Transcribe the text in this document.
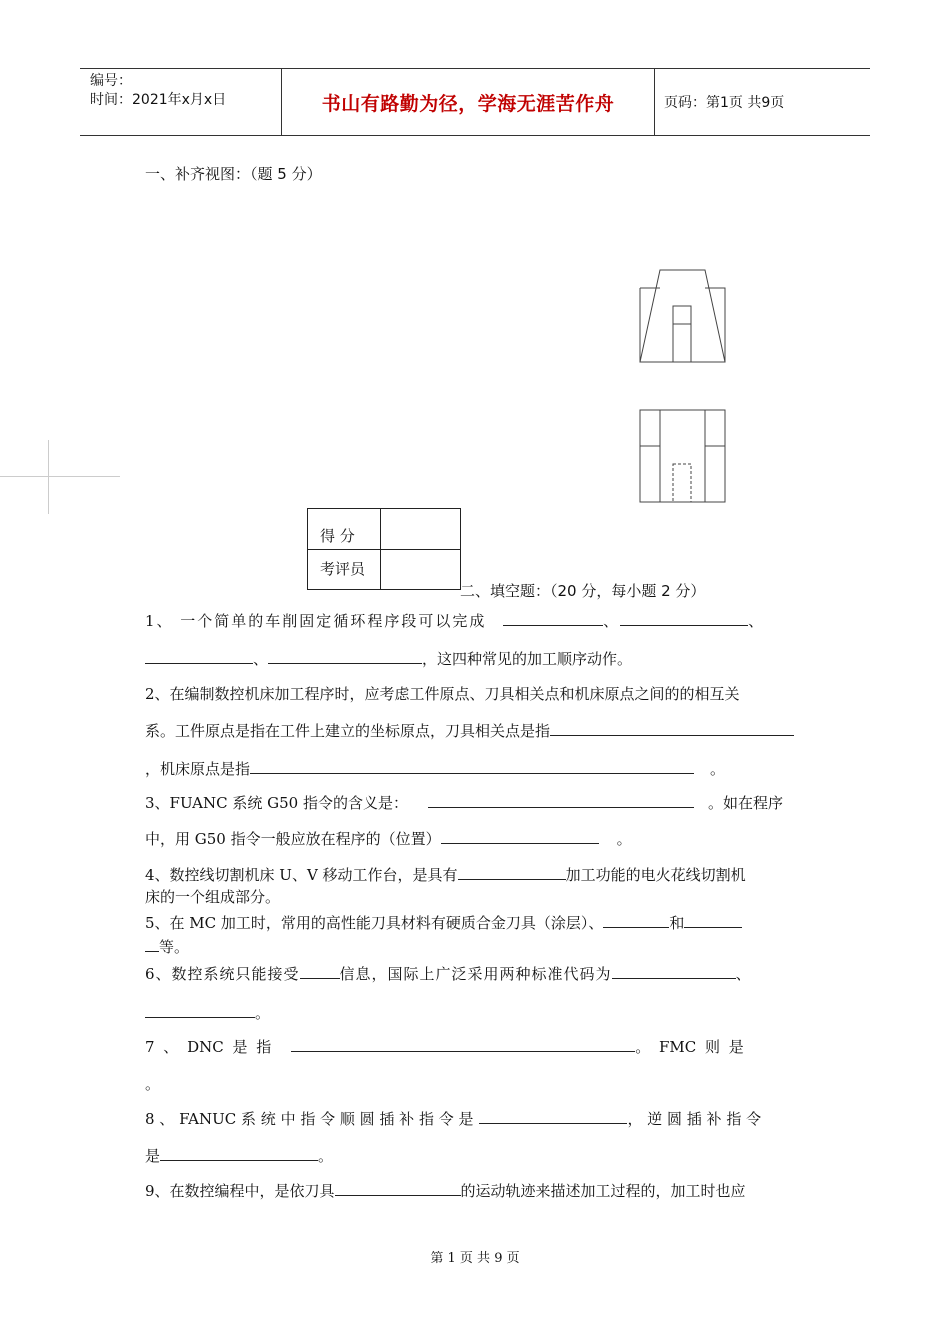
编号：
时间：2021年x月x日	书山有路勤为径，学海无涯苦作舟	页码：第1页 共9页
一、补齐视图：（题 5 分）
得 分
考评员
二、填空题：（20 分，每小题 2 分）
1、 一个简单的车削固定循环程序段可以完成	、	、
、	，这四种常见的加工顺序动作。
2、在编制数控机床加工程序时，应考虑工件原点、刀具相关点和机床原点之间的的相互关
系。工件原点是指在工件上建立的坐标原点，刀具相关点是指
，机床原点是指	。
3、FUANC 系统 G50 指令的含义是：	。如在程序
中，用 G50 指令一般应放在程序的（位置）	。
4、数控线切割机床 U、V 移动工作台，是具有	加工功能的电火花线切割机
床的一个组成部分。
5、在 MC 加工时，常用的高性能刀具材料有硬质合金刀具（涂层）、	和
等。
6、数控系统只能接受	信息，国际上广泛采用两种标准代码为	、
。
7 、 DNC 是 指	。 FMC 则 是
。
8 、 FANUC 系 统 中 指 令 顺 圆 插 补 指 令 是	， 逆 圆 插 补 指 令
是	。
9、在数控编程中，是依刀具	的运动轨迹来描述加工过程的，加工时也应
第 1 页 共 9 页
